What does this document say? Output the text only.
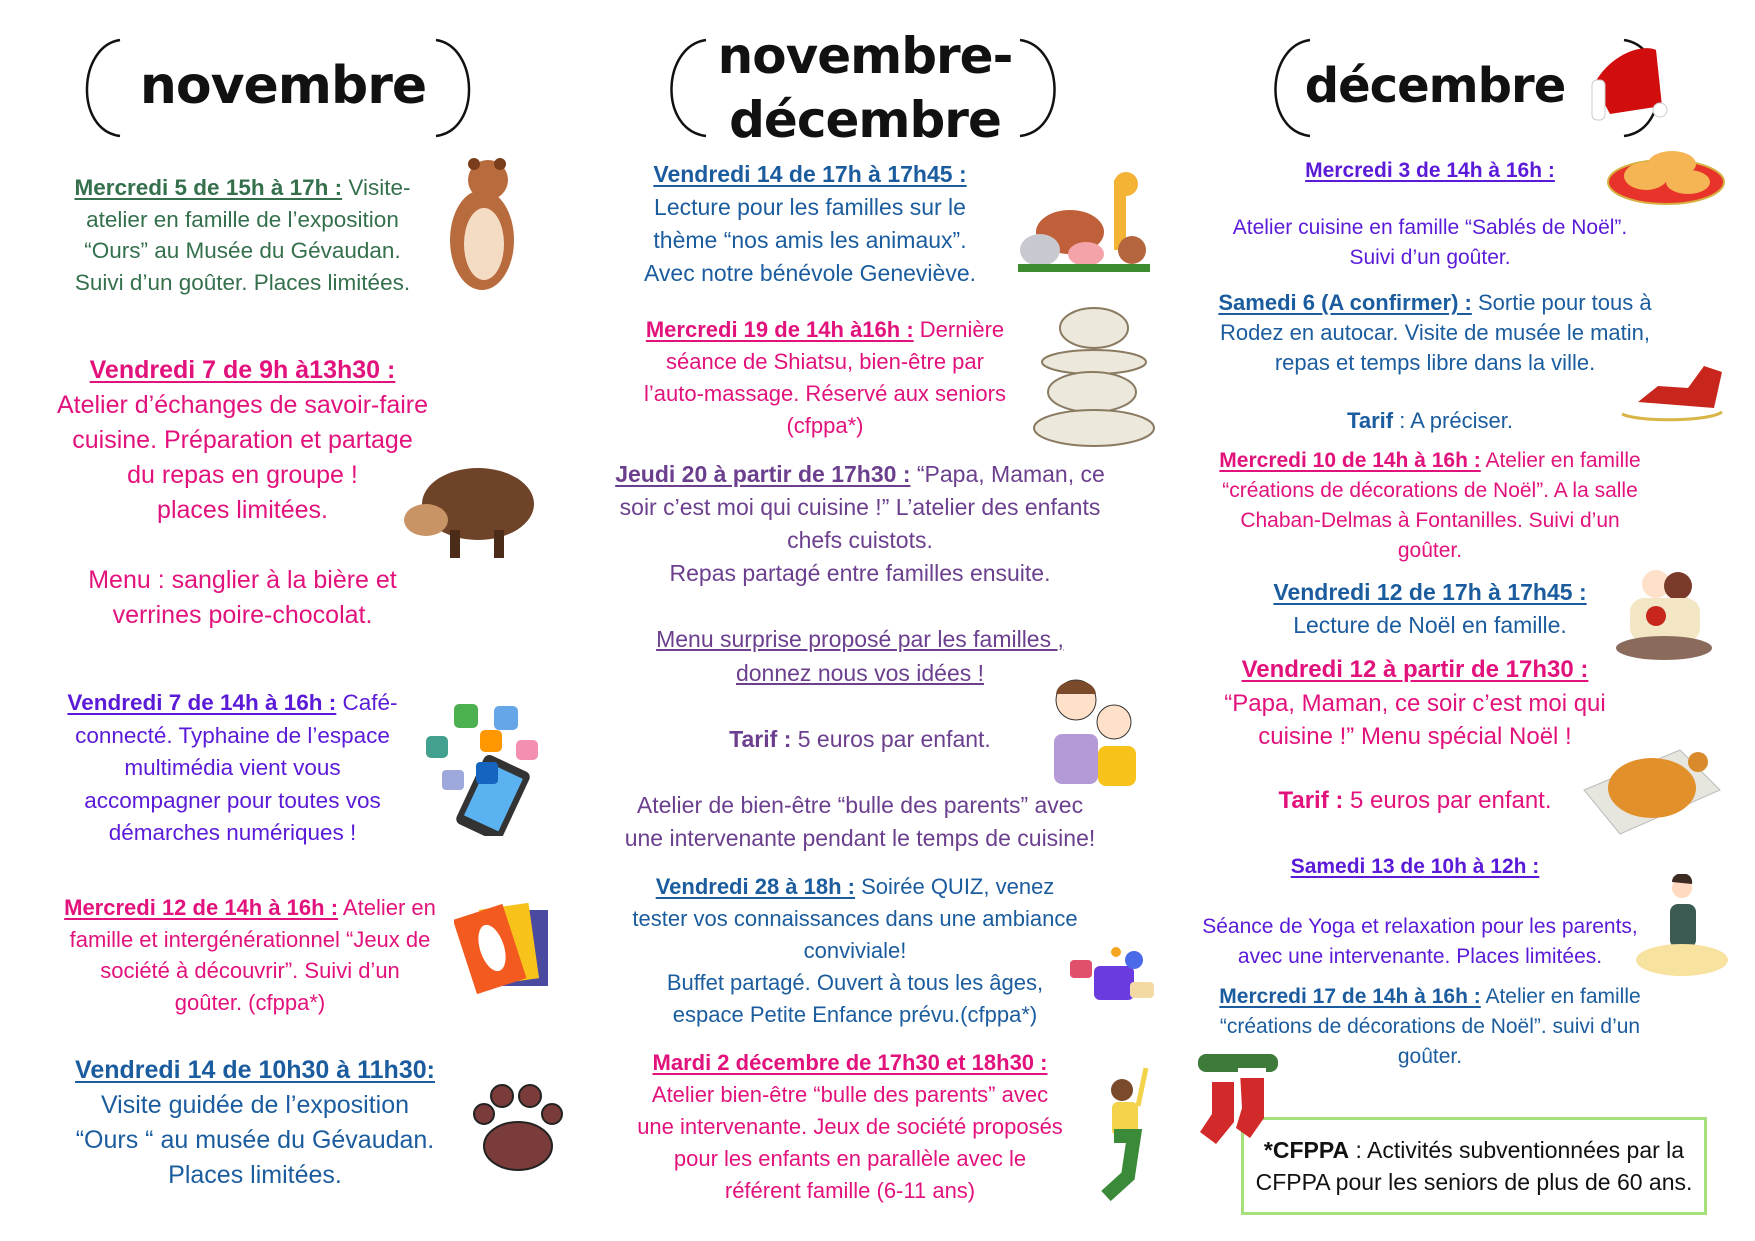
novembre	novembre-
décembre
décembre
Mercredi 5 de 15h à 17h : Visite-
atelier en famille de l’exposition
“Ours” au Musée du Gévaudan.
Suivi d’un goûter. Places limitées.
Vendredi 7 de 9h à13h30 :
Atelier d’échanges de savoir-faire
cuisine. Préparation et partage
du repas en groupe !
places limitées.

Menu : sanglier à la bière et
verrines poire-chocolat.
Vendredi 7 de 14h à 16h : Café-
connecté. Typhaine de l’espace
multimédia vient vous
accompagner pour toutes vos
démarches numériques !
Mercredi 12 de 14h à 16h : Atelier en
famille et intergénérationnel “Jeux de
société à découvrir”. Suivi d’un
goûter. (cfppa*)
Vendredi 14 de 10h30 à 11h30:
Visite guidée de l’exposition
“Ours “ au musée du Gévaudan.
Places limitées.
Vendredi 14 de 17h à 17h45 :
Lecture pour les familles sur le
thème “nos amis les animaux”.
Avec notre bénévole Geneviève.
Mercredi 19 de 14h à16h : Dernière
séance de Shiatsu, bien-être par
l’auto-massage. Réservé aux seniors
(cfppa*)
Jeudi 20 à partir de 17h30 : “Papa, Maman, ce
soir c’est moi qui cuisine !” L’atelier des enfants
chefs cuistots.
Repas partagé entre familles ensuite.
Menu surprise proposé par les familles ,
donnez nous vos idées !
Tarif : 5 euros par enfant.
Atelier de bien-être “bulle des parents” avec
une intervenante pendant le temps de cuisine!
Vendredi 28 à 18h : Soirée QUIZ, venez
tester vos connaissances dans une ambiance
conviviale!
Buffet partagé. Ouvert à tous les âges,
espace Petite Enfance prévu.(cfppa*)
Mardi 2 décembre de 17h30 et 18h30 :
Atelier bien-être “bulle des parents” avec
une intervenante. Jeux de société proposés
pour les enfants en parallèle avec le
référent famille (6-11 ans)
Mercredi 3 de 14h à 16h :
Atelier cuisine en famille “Sablés de Noël”.
Suivi d’un goûter.
Samedi 6 (A confirmer) : Sortie pour tous à
Rodez en autocar. Visite de musée le matin,
repas et temps libre dans la ville.
Tarif : A préciser.
Mercredi 10 de 14h à 16h : Atelier en famille
“créations de décorations de Noël”. A la salle
Chaban-Delmas à Fontanilles. Suivi d’un
goûter.
Vendredi 12 de 17h à 17h45 :
Lecture de Noël en famille.
Vendredi 12 à partir de 17h30 :
“Papa, Maman, ce soir c’est moi qui
cuisine !” Menu spécial Noël !
Tarif : 5 euros par enfant.
Samedi 13 de 10h à 12h :
Séance de Yoga et relaxation pour les parents,
avec une intervenante. Places limitées.
Mercredi 17 de 14h à 16h : Atelier en famille
“créations de décorations de Noël”. suivi d’un
goûter.
*CFPPA : Activités subventionnées par la CFPPA pour les seniors de plus de 60 ans.
